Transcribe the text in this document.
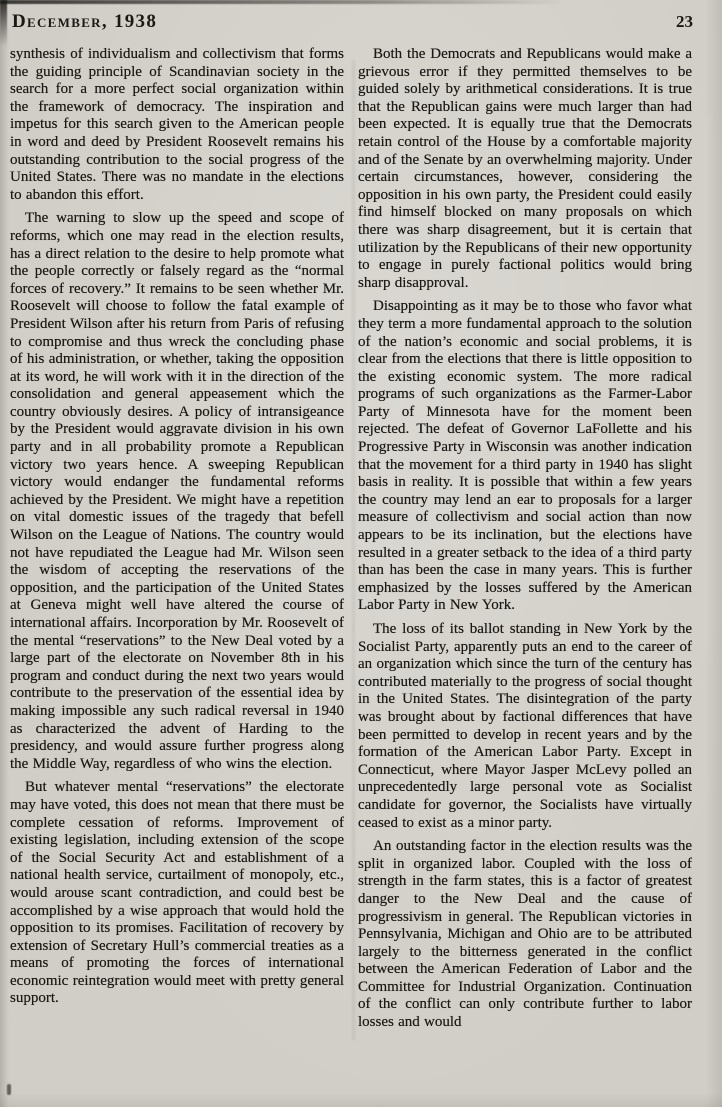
December, 1938	23

synthesis of individualism and collectivism that forms the guiding principle of Scandinavian society in the search for a more perfect social organization within the framework of democracy. The inspiration and impetus for this search given to the American people in word and deed by President Roosevelt remains his outstanding contribution to the social progress of the United States. There was no mandate in the elections to abandon this effort.

The warning to slow up the speed and scope of reforms, which one may read in the election results, has a direct relation to the desire to help promote what the people correctly or falsely regard as the “normal forces of recovery.” It remains to be seen whether Mr. Roosevelt will choose to follow the fatal example of President Wilson after his return from Paris of refusing to compromise and thus wreck the concluding phase of his administration, or whether, taking the opposition at its word, he will work with it in the direction of the consolidation and general appeasement which the country obviously desires. A policy of intransigeance by the President would aggravate division in his own party and in all probability promote a Republican victory two years hence. A sweeping Republican victory would endanger the fundamental reforms achieved by the President. We might have a repetition on vital domestic issues of the tragedy that befell Wilson on the League of Nations. The country would not have repudiated the League had Mr. Wilson seen the wisdom of accepting the reservations of the opposition, and the participation of the United States at Geneva might well have altered the course of international affairs. Incorporation by Mr. Roosevelt of the mental “reservations” to the New Deal voted by a large part of the electorate on November 8th in his program and conduct during the next two years would contribute to the preservation of the essential idea by making impossible any such radical reversal in 1940 as characterized the advent of Harding to the presidency, and would assure further progress along the Middle Way, regardless of who wins the election.

But whatever mental “reservations” the electorate may have voted, this does not mean that there must be complete cessation of reforms. Improvement of existing legislation, including extension of the scope of the Social Security Act and establishment of a national health service, curtailment of monopoly, etc., would arouse scant contradiction, and could best be accomplished by a wise approach that would hold the opposition to its promises. Facilitation of recovery by extension of Secretary Hull’s commercial treaties as a means of promoting the forces of international economic reintegration would meet with pretty general support.

Both the Democrats and Republicans would make a grievous error if they permitted themselves to be guided solely by arithmetical considerations. It is true that the Republican gains were much larger than had been expected. It is equally true that the Democrats retain control of the House by a comfortable majority and of the Senate by an overwhelming majority. Under certain circumstances, however, considering the opposition in his own party, the President could easily find himself blocked on many proposals on which there was sharp disagreement, but it is certain that utilization by the Republicans of their new opportunity to engage in purely factional politics would bring sharp disapproval.

Disappointing as it may be to those who favor what they term a more fundamental approach to the solution of the nation’s economic and social problems, it is clear from the elections that there is little opposition to the existing economic system. The more radical programs of such organizations as the Farmer-Labor Party of Minnesota have for the moment been rejected. The defeat of Governor LaFollette and his Progressive Party in Wisconsin was another indication that the movement for a third party in 1940 has slight basis in reality. It is possible that within a few years the country may lend an ear to proposals for a larger measure of collectivism and social action than now appears to be its inclination, but the elections have resulted in a greater setback to the idea of a third party than has been the case in many years. This is further emphasized by the losses suffered by the American Labor Party in New York.

The loss of its ballot standing in New York by the Socialist Party, apparently puts an end to the career of an organization which since the turn of the century has contributed materially to the progress of social thought in the United States. The disintegration of the party was brought about by factional differences that have been permitted to develop in recent years and by the formation of the American Labor Party. Except in Connecticut, where Mayor Jasper McLevy polled an unprecedentedly large personal vote as Socialist candidate for governor, the Socialists have virtually ceased to exist as a minor party.

An outstanding factor in the election results was the split in organized labor. Coupled with the loss of strength in the farm states, this is a factor of greatest danger to the New Deal and the cause of progressivism in general. The Republican victories in Pennsylvania, Michigan and Ohio are to be attributed largely to the bitterness generated in the conflict between the American Federation of Labor and the Committee for Industrial Organization. Continuation of the conflict can only contribute further to labor losses and would
